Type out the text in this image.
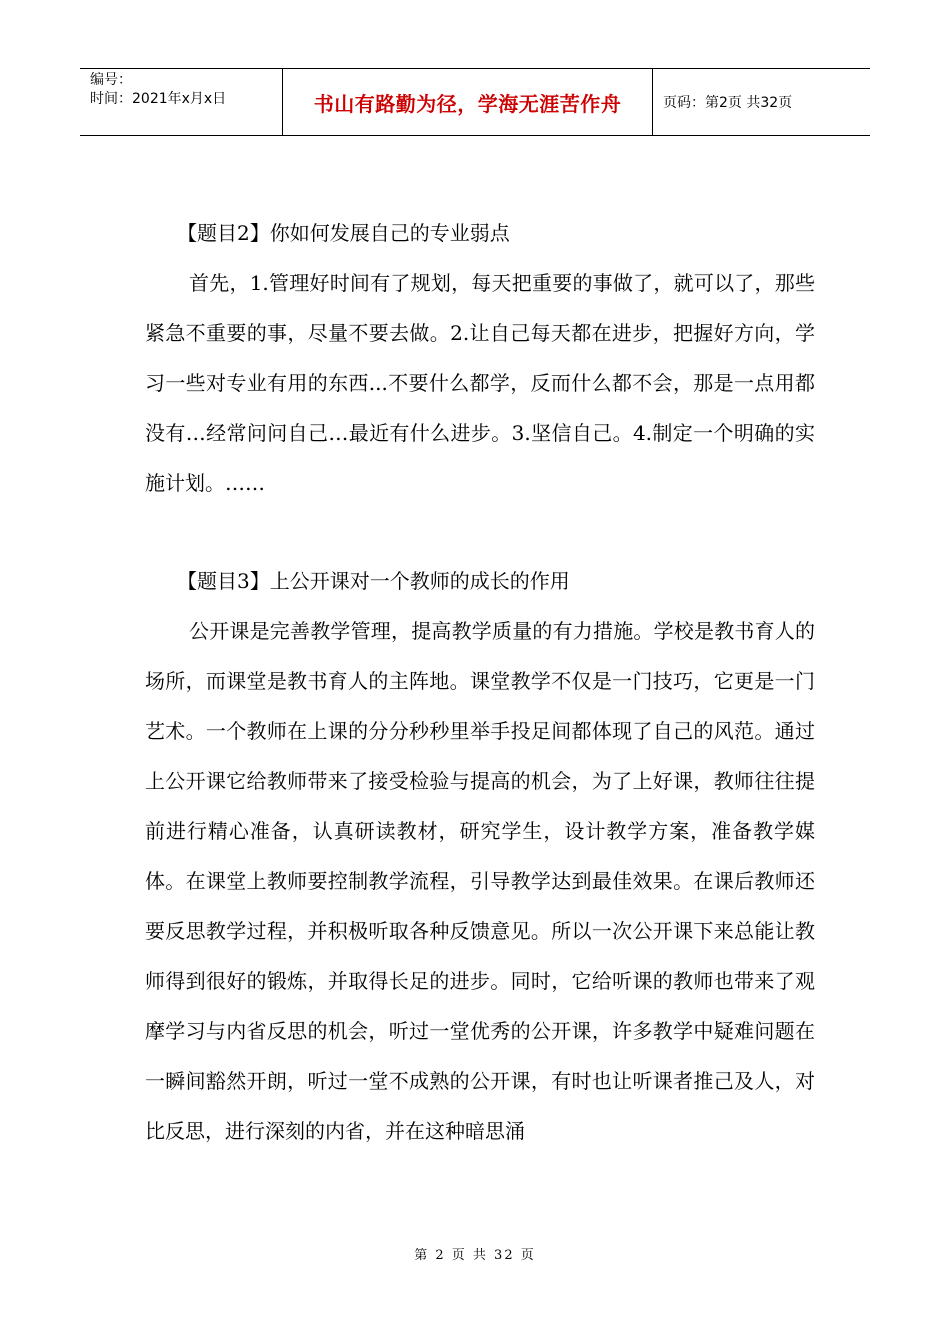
编号：
时间：2021年x月x日	书山有路勤为径，学海无涯苦作舟	页码：第2页 共32页

【题目2】你如何发展自己的专业弱点

首先，1.管理好时间有了规划，每天把重要的事做了，就可以了，那些紧急不重要的事，尽量不要去做。2.让自己每天都在进步，把握好方向，学习一些对专业有用的东西...不要什么都学，反而什么都不会，那是一点用都没有…经常问问自己…最近有什么进步。3.坚信自己。4.制定一个明确的实施计划。……

【题目3】上公开课对一个教师的成长的作用

公开课是完善教学管理，提高教学质量的有力措施。学校是教书育人的场所，而课堂是教书育人的主阵地。课堂教学不仅是一门技巧，它更是一门艺术。一个教师在上课的分分秒秒里举手投足间都体现了自己的风范。通过上公开课它给教师带来了接受检验与提高的机会，为了上好课，教师往往提前进行精心准备，认真研读教材，研究学生，设计教学方案，准备教学媒体。在课堂上教师要控制教学流程，引导教学达到最佳效果。在课后教师还要反思教学过程，并积极听取各种反馈意见。所以一次公开课下来总能让教师得到很好的锻炼，并取得长足的进步。同时，它给听课的教师也带来了观摩学习与内省反思的机会，听过一堂优秀的公开课，许多教学中疑难问题在一瞬间豁然开朗，听过一堂不成熟的公开课，有时也让听课者推己及人，对比反思，进行深刻的内省，并在这种暗思涌

第 2 页 共 32 页
